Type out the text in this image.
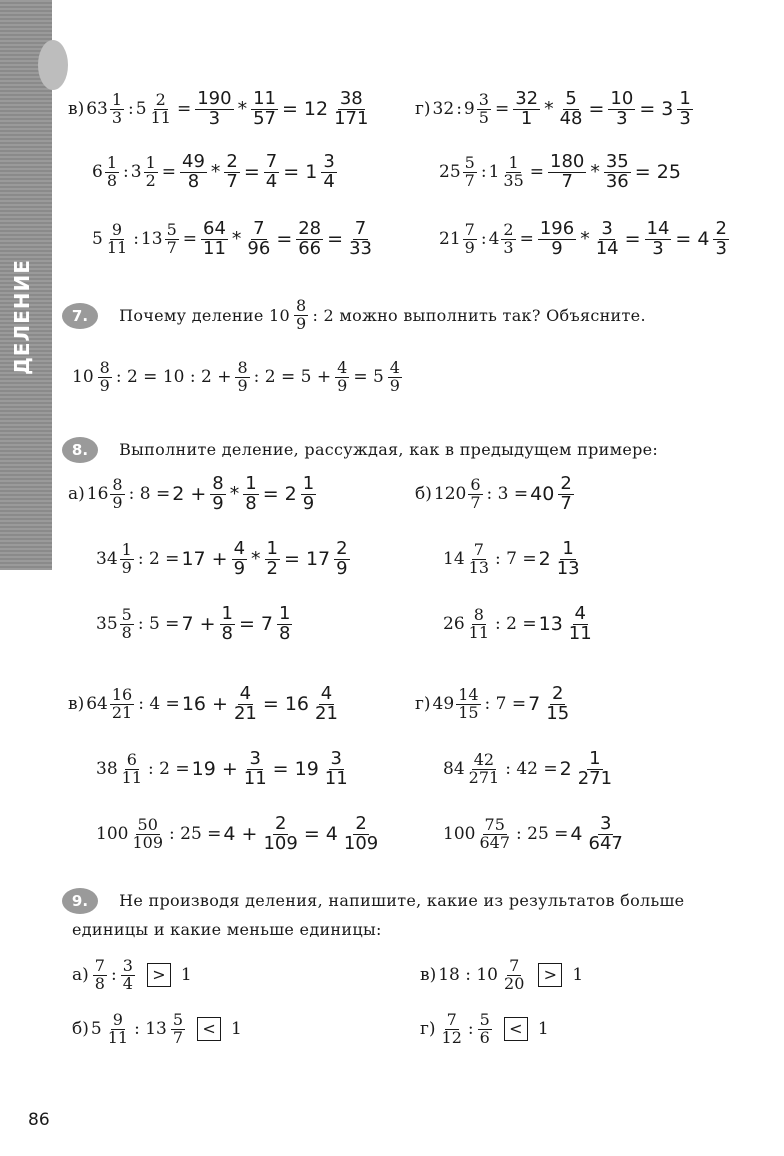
ДЕЛЕНИЕ	7. Почему деление $10 \frac{8}{9}$ : 2 можно выполнить так? Объясните.
$10 \frac{8}{9}$ : 2 = 10 : $2 + \frac{8}{9}$ : $2 = 5 + \frac{4}{9} = 5 \frac{4}{9}$
8. Выполните деление, рассуждая, как в предыдущем примере:
9. Не производя деления, напишите, какие из результатов больше
единицы и какие меньше единицы:
86
в) $63 \frac{1}{3}$ : $5 \frac{2}{11} = \frac{190}{3} * \frac{11}{57} = 12 \frac{38}{171}$
$6 \frac{1}{8}$ : $3 \frac{1}{2} = \frac{49}{8} * \frac{2}{7} = \frac{7}{4} = 1 \frac{3}{4}$
$5 \frac{9}{11}$ : $13 \frac{5}{7} = \frac{64}{11} * \frac{7}{96} = \frac{28}{66} = \frac{7}{33}$
г) 32 : $9 \frac{3}{5} = \frac{32}{1} * \frac{5}{48} = \frac{10}{3} = 3 \frac{1}{3}$
$25 \frac{5}{7}$ : $1 \frac{1}{35} = \frac{180}{7} * \frac{35}{36} = 25$
$21 \frac{7}{9}$ : $4 \frac{2}{3} = \frac{196}{9} * \frac{3}{14} = \frac{14}{3} = 4 \frac{2}{3}$
а) $16 \frac{8}{9}$ : $8 = 2 + \frac{8}{9} * \frac{1}{8} = 2 \frac{1}{9}$
$34 \frac{1}{9}$ : $2 = 17 + \frac{4}{9} * \frac{1}{2} = 17 \frac{2}{9}$
$35 \frac{5}{8}$ : $5 = 7 + \frac{1}{8} = 7 \frac{1}{8}$
б) $120 \frac{6}{7}$ : $3 = 40 \frac{2}{7}$
$14 \frac{7}{13}$ : $7 = 2 \frac{1}{13}$
$26 \frac{8}{11}$ : $2 = 13 \frac{4}{11}$
в) $64 \frac{16}{21}$ : $4 = 16 + \frac{4}{21} = 16 \frac{4}{21}$
$38 \frac{6}{11}$ : $2 = 19 + \frac{3}{11} = 19 \frac{3}{11}$
$100 \frac{50}{109}$ : $25 = 4 + \frac{2}{109} = 4 \frac{2}{109}$
г) $49 \frac{14}{15}$ : $7 = 7 \frac{2}{15}$
$84 \frac{42}{271}$ : $42 = 2 \frac{1}{271}$
$100 \frac{75}{647}$ : $25 = 4 \frac{3}{647}$
$а) \frac{7}{8}$ : $\frac{3}{4}$	> 1	в) 18 : $10 \frac{7}{20}$	> 1
б) $5 \frac{9}{11}$ : $13 \frac{5}{7}$	< 1	$г) \frac{7}{12}$ : $\frac{5}{6}$	< 1
